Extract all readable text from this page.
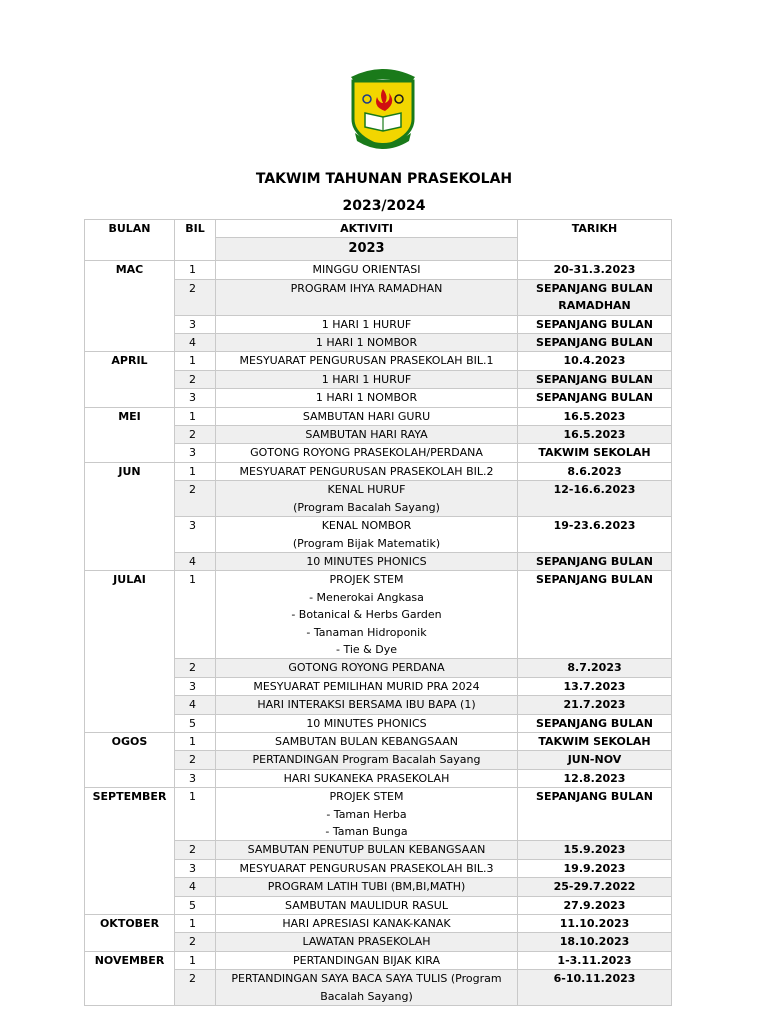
TAKWIM TAHUNAN PRASEKOLAH
2023/2024
BULAN	BIL	AKTIVITI	TARIKH
		2023	
MAC	1	MINGGU ORIENTASI	20-31.3.2023

	2	PROGRAM IHYA RAMADHAN	SEPANJANG BULAN
RAMADHAN

	3	1 HARI 1 HURUF	SEPANJANG BULAN

	4	1 HARI 1 NOMBOR	SEPANJANG BULAN

APRIL	1	MESYUARAT PENGURUSAN PRASEKOLAH BIL.1	10.4.2023

	2	1 HARI 1 HURUF	SEPANJANG BULAN

	3	1 HARI 1 NOMBOR	SEPANJANG BULAN

MEI	1	SAMBUTAN HARI GURU	16.5.2023

	2	SAMBUTAN HARI RAYA	16.5.2023

	3	GOTONG ROYONG PRASEKOLAH/PERDANA	TAKWIM SEKOLAH

JUN	1	MESYUARAT PENGURUSAN PRASEKOLAH BIL.2	8.6.2023

	2	KENAL HURUF
(Program Bacalah Sayang)	12-16.6.2023

	3	KENAL NOMBOR
(Program Bijak Matematik)	19-23.6.2023

	4	10 MINUTES PHONICS	SEPANJANG BULAN

JULAI	1	PROJEK STEM
- Menerokai Angkasa
- Botanical & Herbs Garden
- Tanaman Hidroponik
- Tie & Dye	SEPANJANG BULAN

	2	GOTONG ROYONG PERDANA	8.7.2023

	3	MESYUARAT PEMILIHAN MURID PRA 2024	13.7.2023

	4	HARI INTERAKSI BERSAMA IBU BAPA (1)	21.7.2023

	5	10 MINUTES PHONICS	SEPANJANG BULAN

OGOS	1	SAMBUTAN BULAN KEBANGSAAN	TAKWIM SEKOLAH

	2	PERTANDINGAN Program Bacalah Sayang	JUN-NOV

	3	HARI SUKANEKA PRASEKOLAH	12.8.2023

SEPTEMBER	1	PROJEK STEM
- Taman Herba
- Taman Bunga	SEPANJANG BULAN

	2	SAMBUTAN PENUTUP BULAN KEBANGSAAN	15.9.2023

	3	MESYUARAT PENGURUSAN PRASEKOLAH BIL.3	19.9.2023

	4	PROGRAM LATIH TUBI (BM,BI,MATH)	25-29.7.2022

	5	SAMBUTAN MAULIDUR RASUL	27.9.2023

OKTOBER	1	HARI APRESIASI KANAK-KANAK	11.10.2023

	2	LAWATAN PRASEKOLAH	18.10.2023

NOVEMBER	1	PERTANDINGAN BIJAK KIRA	1-3.11.2023

	2	PERTANDINGAN SAYA BACA SAYA TULIS (Program
Bacalah Sayang)	6-10.11.2023
